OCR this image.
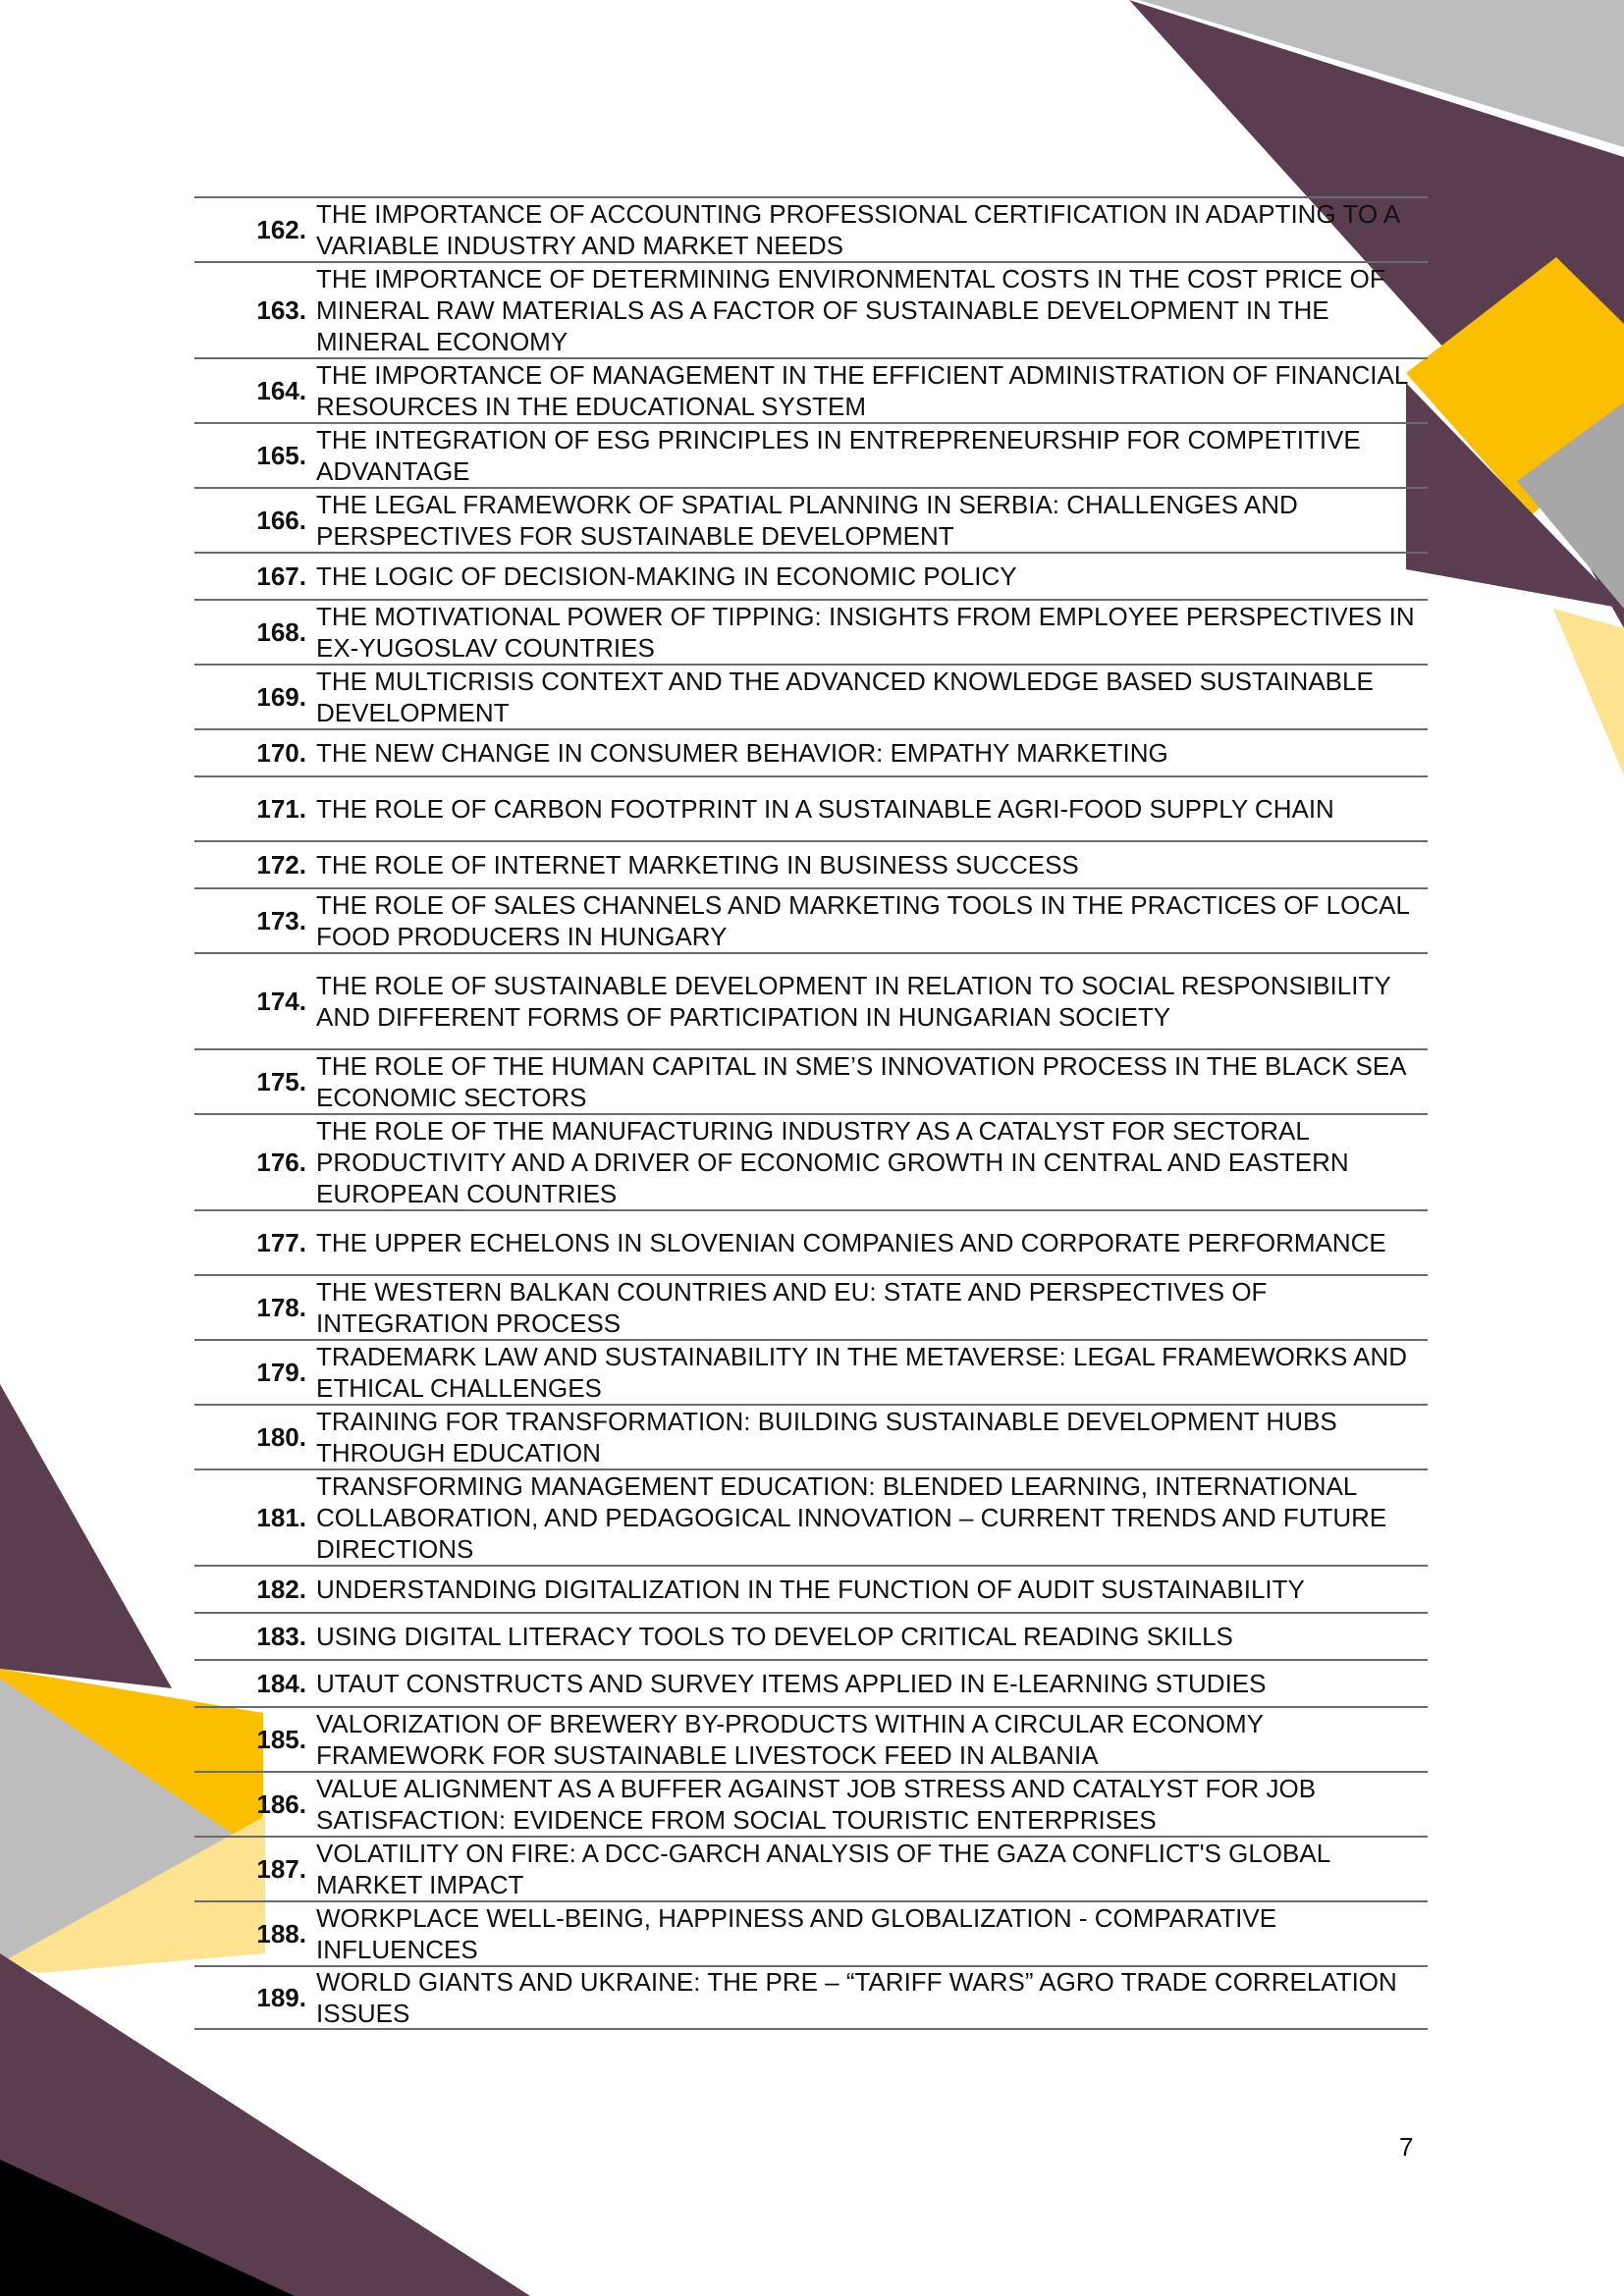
162.
THE IMPORTANCE OF ACCOUNTING PROFESSIONAL CERTIFICATION IN ADAPTING TO A VARIABLE INDUSTRY AND MARKET NEEDS
163.
THE IMPORTANCE OF DETERMINING ENVIRONMENTAL COSTS IN THE COST PRICE OF MINERAL RAW MATERIALS AS A FACTOR OF SUSTAINABLE DEVELOPMENT IN THE MINERAL ECONOMY
164.
THE IMPORTANCE OF MANAGEMENT IN THE EFFICIENT ADMINISTRATION OF FINANCIAL RESOURCES IN THE EDUCATIONAL SYSTEM
165.
THE INTEGRATION OF ESG PRINCIPLES IN ENTREPRENEURSHIP FOR COMPETITIVE ADVANTAGE
166.
THE LEGAL FRAMEWORK OF SPATIAL PLANNING IN SERBIA: CHALLENGES AND PERSPECTIVES FOR SUSTAINABLE DEVELOPMENT
167. THE LOGIC OF DECISION-MAKING IN ECONOMIC POLICY
168.
THE MOTIVATIONAL POWER OF TIPPING: INSIGHTS FROM EMPLOYEE PERSPECTIVES IN EX-YUGOSLAV COUNTRIES
169.
THE MULTICRISIS CONTEXT AND THE ADVANCED KNOWLEDGE BASED SUSTAINABLE DEVELOPMENT
170. THE NEW CHANGE IN CONSUMER BEHAVIOR: EMPATHY MARKETING
171. THE ROLE OF CARBON FOOTPRINT IN A SUSTAINABLE AGRI-FOOD SUPPLY CHAIN
172. THE ROLE OF INTERNET MARKETING IN BUSINESS SUCCESS
173.
THE ROLE OF SALES CHANNELS AND MARKETING TOOLS IN THE PRACTICES OF LOCAL FOOD PRODUCERS IN HUNGARY
174.
THE ROLE OF SUSTAINABLE DEVELOPMENT IN RELATION TO SOCIAL RESPONSIBILITY AND DIFFERENT FORMS OF PARTICIPATION IN HUNGARIAN SOCIETY
175.
THE ROLE OF THE HUMAN CAPITAL IN SME’S INNOVATION PROCESS IN THE BLACK SEA ECONOMIC SECTORS
176.
THE ROLE OF THE MANUFACTURING INDUSTRY AS A CATALYST FOR SECTORAL PRODUCTIVITY AND A DRIVER OF ECONOMIC GROWTH IN CENTRAL AND EASTERN EUROPEAN COUNTRIES
177. THE UPPER ECHELONS IN SLOVENIAN COMPANIES AND CORPORATE PERFORMANCE
178.
THE WESTERN BALKAN COUNTRIES AND EU: STATE AND PERSPECTIVES OF INTEGRATION PROCESS
179.
TRADEMARK LAW AND SUSTAINABILITY IN THE METAVERSE: LEGAL FRAMEWORKS AND ETHICAL CHALLENGES
180.
TRAINING FOR TRANSFORMATION: BUILDING SUSTAINABLE DEVELOPMENT HUBS THROUGH EDUCATION
181.
TRANSFORMING MANAGEMENT EDUCATION: BLENDED LEARNING, INTERNATIONAL COLLABORATION, AND PEDAGOGICAL INNOVATION – CURRENT TRENDS AND FUTURE DIRECTIONS
182. UNDERSTANDING DIGITALIZATION IN THE FUNCTION OF AUDIT SUSTAINABILITY
183. USING DIGITAL LITERACY TOOLS TO DEVELOP CRITICAL READING SKILLS
184. UTAUT CONSTRUCTS AND SURVEY ITEMS APPLIED IN E-LEARNING STUDIES
185.
VALORIZATION OF BREWERY BY-PRODUCTS WITHIN A CIRCULAR ECONOMY FRAMEWORK FOR SUSTAINABLE LIVESTOCK FEED IN ALBANIA
186.
VALUE ALIGNMENT AS A BUFFER AGAINST JOB STRESS AND CATALYST FOR JOB SATISFACTION: EVIDENCE FROM SOCIAL TOURISTIC ENTERPRISES
187.
VOLATILITY ON FIRE: A DCC-GARCH ANALYSIS OF THE GAZA CONFLICT'S GLOBAL MARKET IMPACT
188.
WORKPLACE WELL-BEING, HAPPINESS AND GLOBALIZATION - COMPARATIVE INFLUENCES
189.
WORLD GIANTS AND UKRAINE: THE PRE – “TARIFF WARS” AGRO TRADE CORRELATION ISSUES
7
